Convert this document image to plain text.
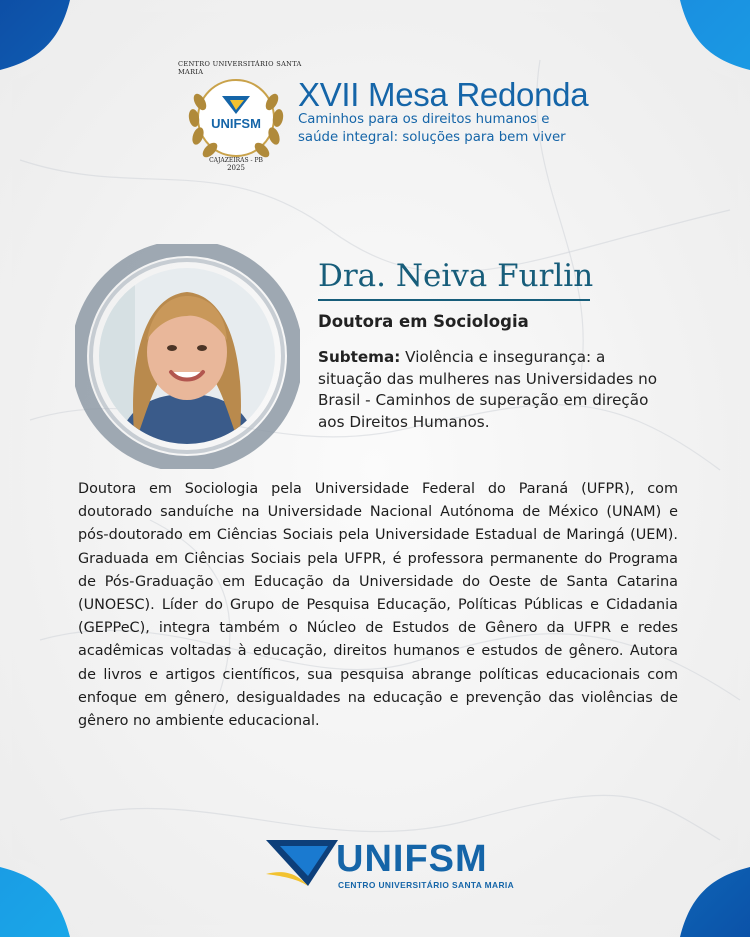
CENTRO UNIVERSITÁRIO SANTA MARIA
UNIFSM
CAJAZEIRAS - PB
2025
XVII Mesa Redonda
Caminhos para os direitos humanos e
saúde integral: soluções para bem viver
Dra. Neiva Furlin
Doutora em Sociologia
Subtema: Violência e insegurança: a situação das mulheres nas Universidades no Brasil - Caminhos de superação em direção aos Direitos Humanos.
Doutora em Sociologia pela Universidade Federal do Paraná (UFPR), com doutorado sanduíche na Universidade Nacional Autónoma de México (UNAM) e pós-doutorado em Ciências Sociais pela Universidade Estadual de Maringá (UEM). Graduada em Ciências Sociais pela UFPR, é professora permanente do Programa de Pós-Graduação em Educação da Universidade do Oeste de Santa Catarina (UNOESC). Líder do Grupo de Pesquisa Educação, Políticas Públicas e Cidadania (GEPPeC), integra também o Núcleo de Estudos de Gênero da UFPR e redes acadêmicas voltadas à educação, direitos humanos e estudos de gênero. Autora de livros e artigos científicos, sua pesquisa abrange políticas educacionais com enfoque em gênero, desigualdades na educação e prevenção das violências de gênero no ambiente educacional.
UNIFSM
CENTRO UNIVERSITÁRIO SANTA MARIA
